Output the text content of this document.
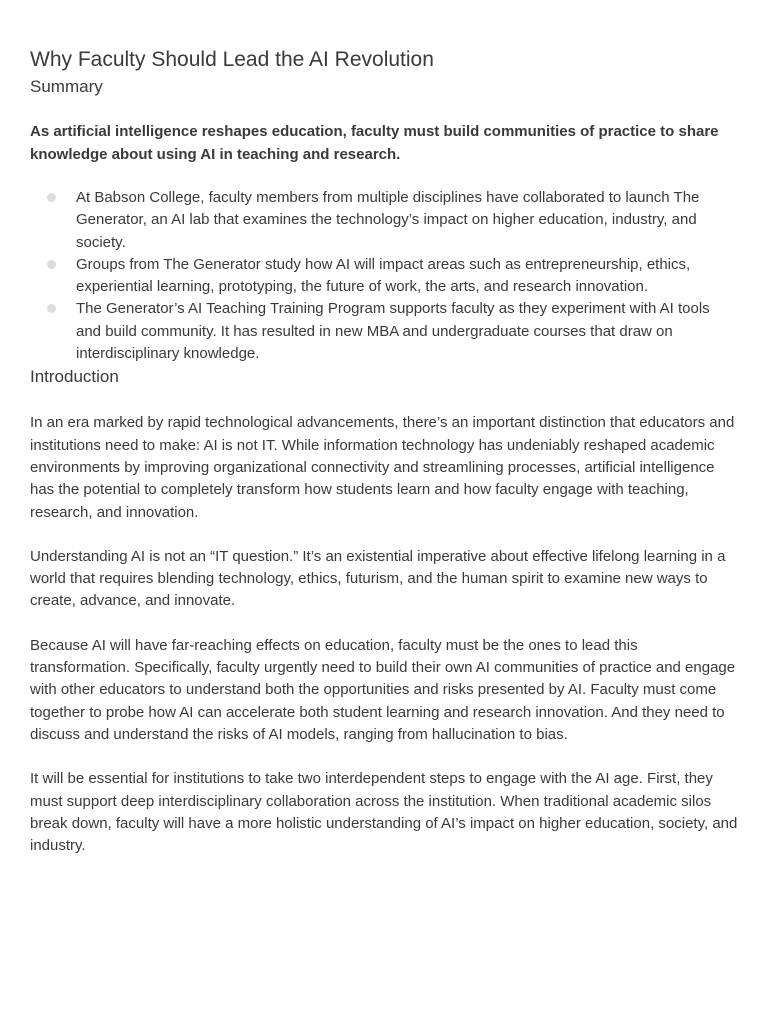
Why Faculty Should Lead the AI Revolution
Summary

As artificial intelligence reshapes education, faculty must build communities of practice to share knowledge about using AI in teaching and research.

At Babson College, faculty members from multiple disciplines have collaborated to launch The Generator, an AI lab that examines the technology’s impact on higher education, industry, and society.
Groups from The Generator study how AI will impact areas such as entrepreneurship, ethics, experiential learning, prototyping, the future of work, the arts, and research innovation.
The Generator’s AI Teaching Training Program supports faculty as they experiment with AI tools and build community. It has resulted in new MBA and undergraduate courses that draw on interdisciplinary knowledge.
Introduction

In an era marked by rapid technological advancements, there’s an important distinction that educators and institutions need to make: AI is not IT. While information technology has undeniably reshaped academic environments by improving organizational connectivity and streamlining processes, artificial intelligence has the potential to completely transform how students learn and how faculty engage with teaching, research, and innovation.

Understanding AI is not an “IT question.” It’s an existential imperative about effective lifelong learning in a world that requires blending technology, ethics, futurism, and the human spirit to examine new ways to create, advance, and innovate.

Because AI will have far-reaching effects on education, faculty must be the ones to lead this transformation. Specifically, faculty urgently need to build their own AI communities of practice and engage with other educators to understand both the opportunities and risks presented by AI. Faculty must come together to probe how AI can accelerate both student learning and research innovation. And they need to discuss and understand the risks of AI models, ranging from hallucination to bias.

It will be essential for institutions to take two interdependent steps to engage with the AI age. First, they must support deep interdisciplinary collaboration across the institution. When traditional academic silos break down, faculty will have a more holistic understanding of AI’s impact on higher education, society, and industry.
